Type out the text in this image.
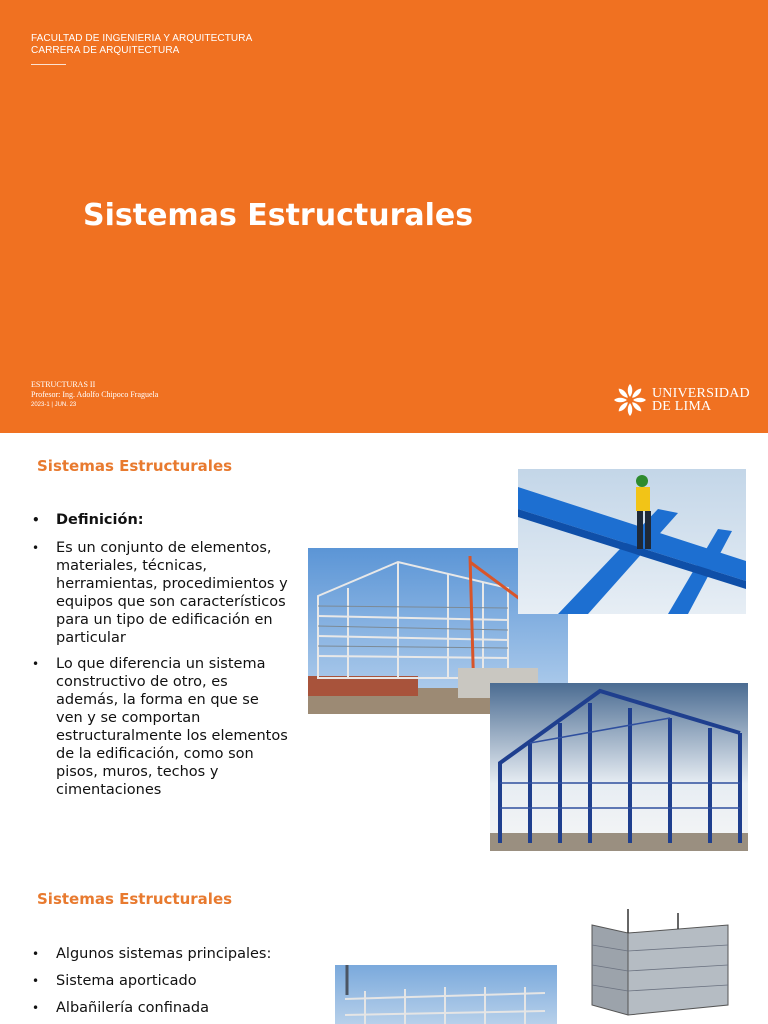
FACULTAD DE INGENIERIA Y ARQUITECTURA
CARRERA DE ARQUITECTURA
Sistemas Estructurales
ESTRUCTURAS II
Profesor: Ing. Adolfo Chipoco Fraguela
2023-1 | JUN. 23
UNIVERSIDAD
DE LIMA
Sistemas Estructurales
• Definición:
• Es un conjunto de elementos, materiales, técnicas, herramientas, procedimientos y equipos que son característicos para un tipo de edificación en particular
• Lo que diferencia un sistema constructivo de otro, es además, la forma en que se ven y se comportan estructuralmente los elementos de la edificación, como son pisos, muros, techos y cimentaciones
Sistemas Estructurales
• Algunos sistemas principales:
• Sistema aporticado
• Albañilería confinada
